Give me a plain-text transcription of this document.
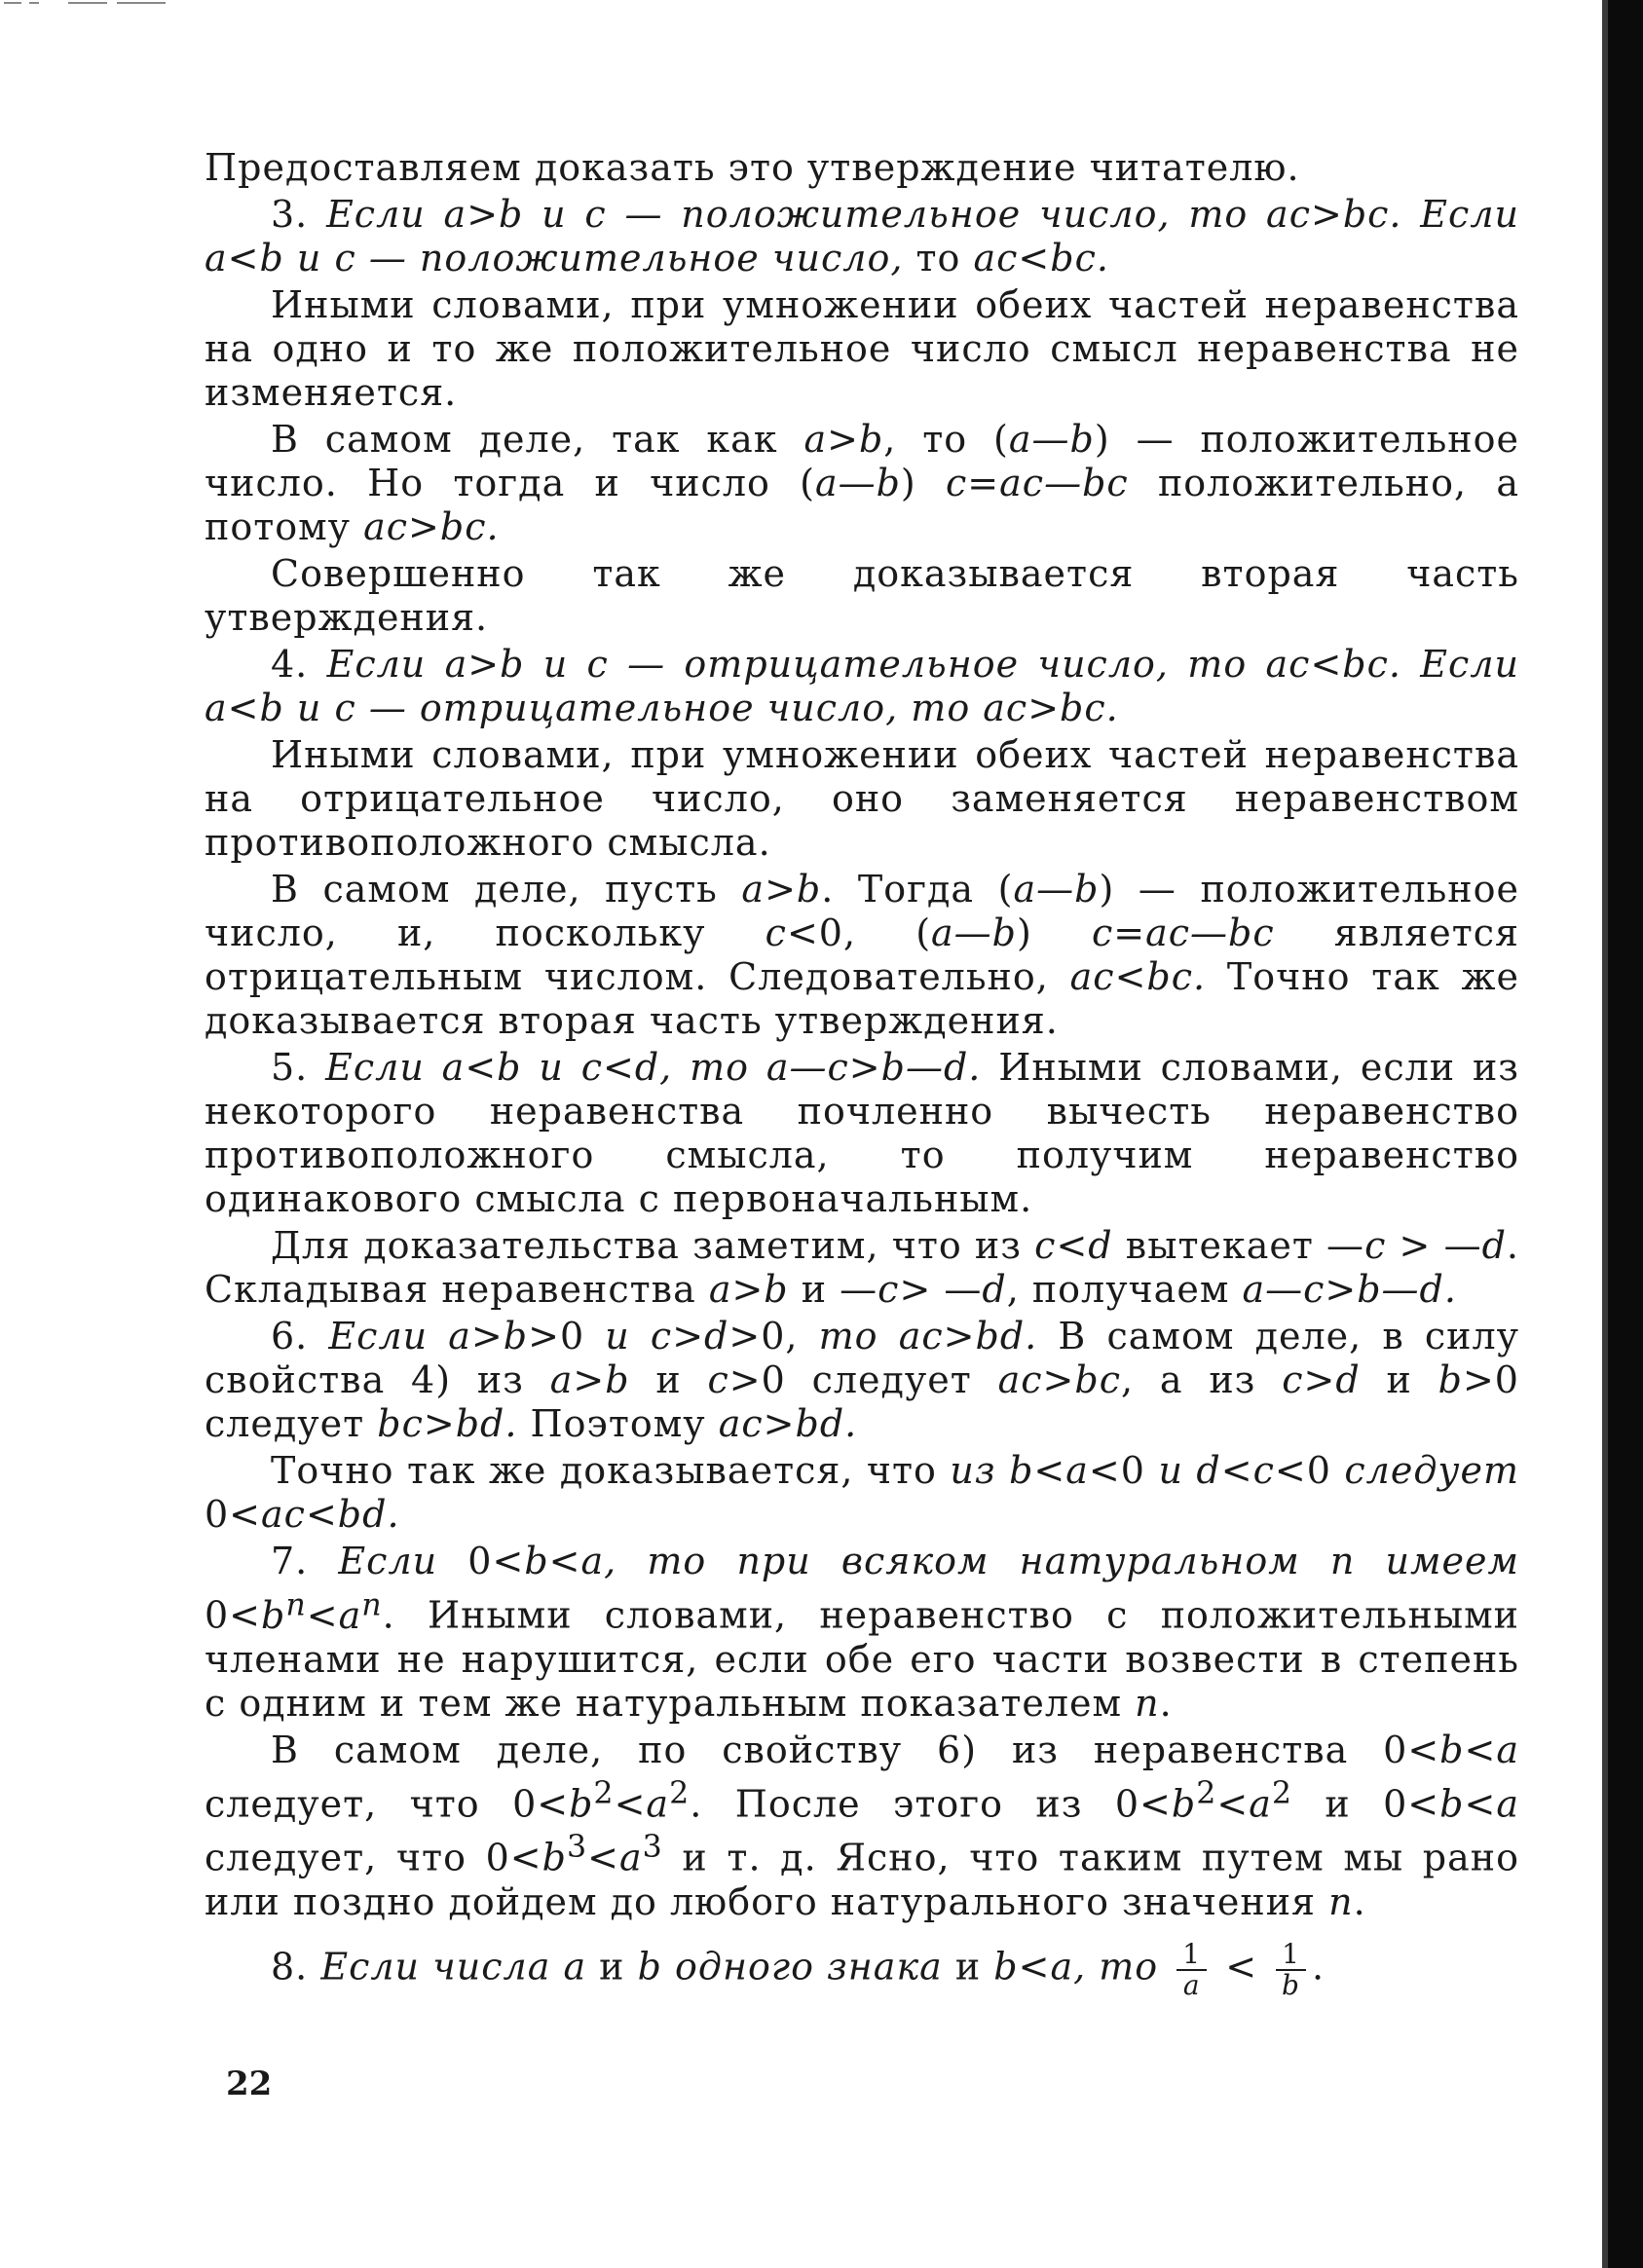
Предоставляем доказать это утверждение читателю.

3. Если a>b и c — положительное число, то ac>bc. Если a<b и c — положительное число, то ac<bc.

Иными словами, при умножении обеих частей неравенства на одно и то же положительное число смысл неравенства не изменяется.

В самом деле, так как a>b, то (a—b) — положительное число. Но тогда и число (a—b) c=ac—bc положительно, а потому ac>bc.

Совершенно так же доказывается вторая часть утверждения.

4. Если a>b и c — отрицательное число, то ac<bc. Если a<b и c — отрицательное число, то ac>bc.

Иными словами, при умножении обеих частей неравенства на отрицательное число, оно заменяется неравенством противоположного смысла.

В самом деле, пусть a>b. Тогда (a—b) — положительное число, и, поскольку c<0, (a—b) c=ac—bc является отрицательным числом. Следовательно, ac<bc. Точно так же доказывается вторая часть утверждения.

5. Если a<b и c<d, то a—c>b—d. Иными словами, если из некоторого неравенства почленно вычесть неравенство противоположного смысла, то получим неравенство одинакового смысла с первоначальным.

Для доказательства заметим, что из c<d вытекает —c > —d. Складывая неравенства a>b и —c> —d, получаем a—c>b—d.

6. Если a>b>0 и c>d>0, то ac>bd. В самом деле, в силу свойства 4) из a>b и c>0 следует ac>bc, а из c>d и b>0 следует bc>bd. Поэтому ac>bd.

Точно так же доказывается, что из b<a<0 и d<c<0 следует 0<ac<bd.

7. Если 0<b<a, то при всяком натуральном n имеем $0<b^n<a^n$. Иными словами, неравенство с положительными членами не нарушится, если обе его части возвести в степень с одним и тем же натуральным показателем n.

В самом деле, по свойству 6) из неравенства 0<b<a следует, что $0<b^2<a^2$. После этого из $0<b^2<a^2$ и 0<b<a следует, что $0<b^3<a^3$ и т. д. Ясно, что таким путем мы рано или поздно дойдем до любого натурального значения n.

8. Если числа a и b одного знака и b<a, то $\frac{1}{a} < \frac{1}{b}$ .

22
